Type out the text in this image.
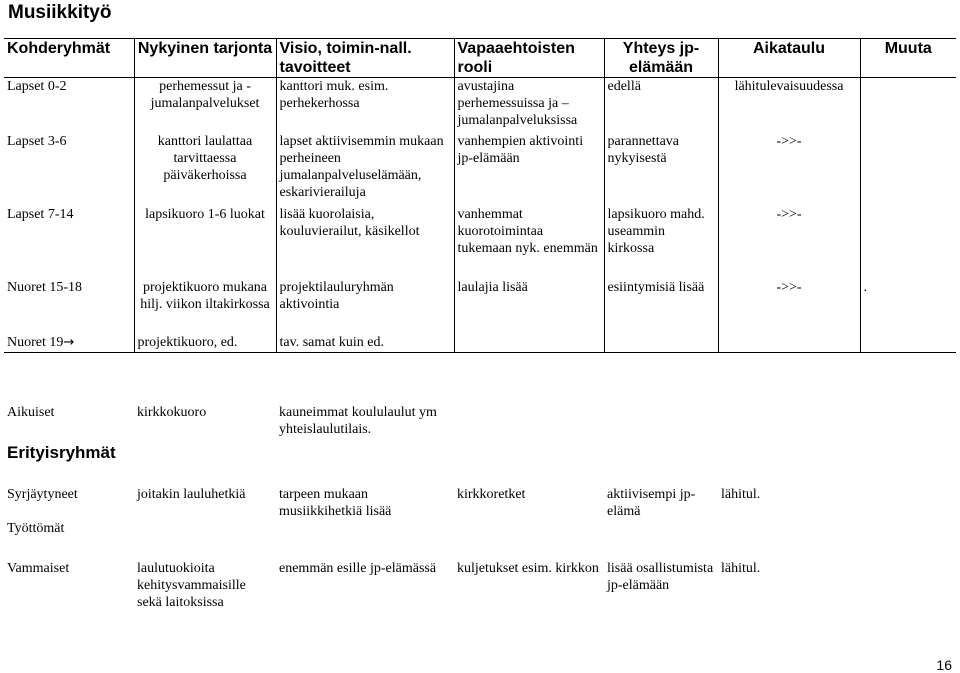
Musiikkityö
Kohderyhmät	Nykyinen tarjonta	Visio, toimin-nall. tavoitteet	Vapaaehtoisten rooli	Yhteys jp-elämään	Aikataulu	Muuta
Lapset 0-2	perhemessut ja - jumalanpalvelukset	kanttori muk. esim. perhekerhossa	avustajina perhemessuissa ja – jumalanpalveluksissa	edellä	lähitulevaisuudessa	
Lapset 3-6	kanttori laulattaa tarvittaessa päiväkerhoissa	lapset aktiivisemmin mukaan perheineen jumalanpalveluselämään, eskarivierailuja	vanhempien aktivointi jp-elämään	parannettava nykyisestä	->>-	
Lapset 7-14	lapsikuoro 1-6 luokat	lisää kuorolaisia, kouluvierailut, käsikellot	vanhemmat kuorotoimintaa tukemaan nyk. enemmän	lapsikuoro mahd. useammin kirkossa	->>-	
Nuoret 15-18	projektikuoro mukana hilj. viikon iltakirkossa	projektilauluryhmän aktivointia	laulajia lisää	esiintymisiä lisää	->>-	.
Nuoret 19→	projektikuoro, ed.	tav. samat kuin ed.				
Aikuiset	kirkkokuoro	kauneimmat koululaulut ym yhteislaulutilais.			
Erityisryhmät					
Syrjäytyneet	joitakin lauluhetkiä	tarpeen mukaan musiikkihetkiä lisää	kirkkoretket	aktiivisempi jp-elämä	lähitul.
Työttömät					
Vammaiset	laulutuokioita kehitysvammaisille sekä laitoksissa	enemmän esille jp-elämässä	kuljetukset esim. kirkkon	lisää osallistumista jp-elämään	lähitul.
16
